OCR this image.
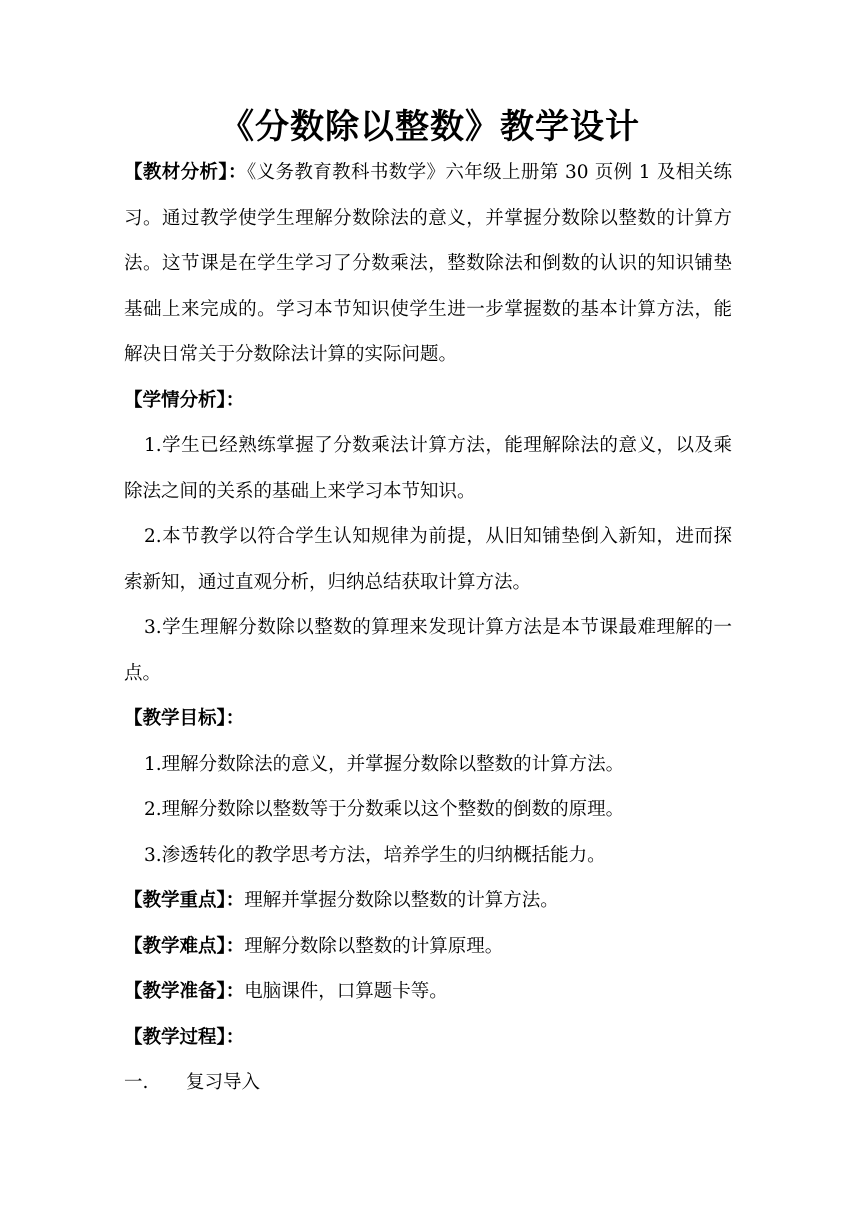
《分数除以整数》教学设计

【教材分析】：《义务教育教科书数学》六年级上册第 30 页例 1 及相关练习。通过教学使学生理解分数除法的意义，并掌握分数除以整数的计算方法。这节课是在学生学习了分数乘法，整数除法和倒数的认识的知识铺垫基础上来完成的。学习本节知识使学生进一步掌握数的基本计算方法，能解决日常关于分数除法计算的实际问题。

【学情分析】：

1.学生已经熟练掌握了分数乘法计算方法，能理解除法的意义，以及乘除法之间的关系的基础上来学习本节知识。

2.本节教学以符合学生认知规律为前提，从旧知铺垫倒入新知，进而探索新知，通过直观分析，归纳总结获取计算方法。

3.学生理解分数除以整数的算理来发现计算方法是本节课最难理解的一点。

【教学目标】：

1.理解分数除法的意义，并掌握分数除以整数的计算方法。

2.理解分数除以整数等于分数乘以这个整数的倒数的原理。

3.渗透转化的教学思考方法，培养学生的归纳概括能力。

【教学重点】：理解并掌握分数除以整数的计算方法。

【教学难点】：理解分数除以整数的计算原理。

【教学准备】：电脑课件，口算题卡等。

【教学过程】：

一. 复习导入
